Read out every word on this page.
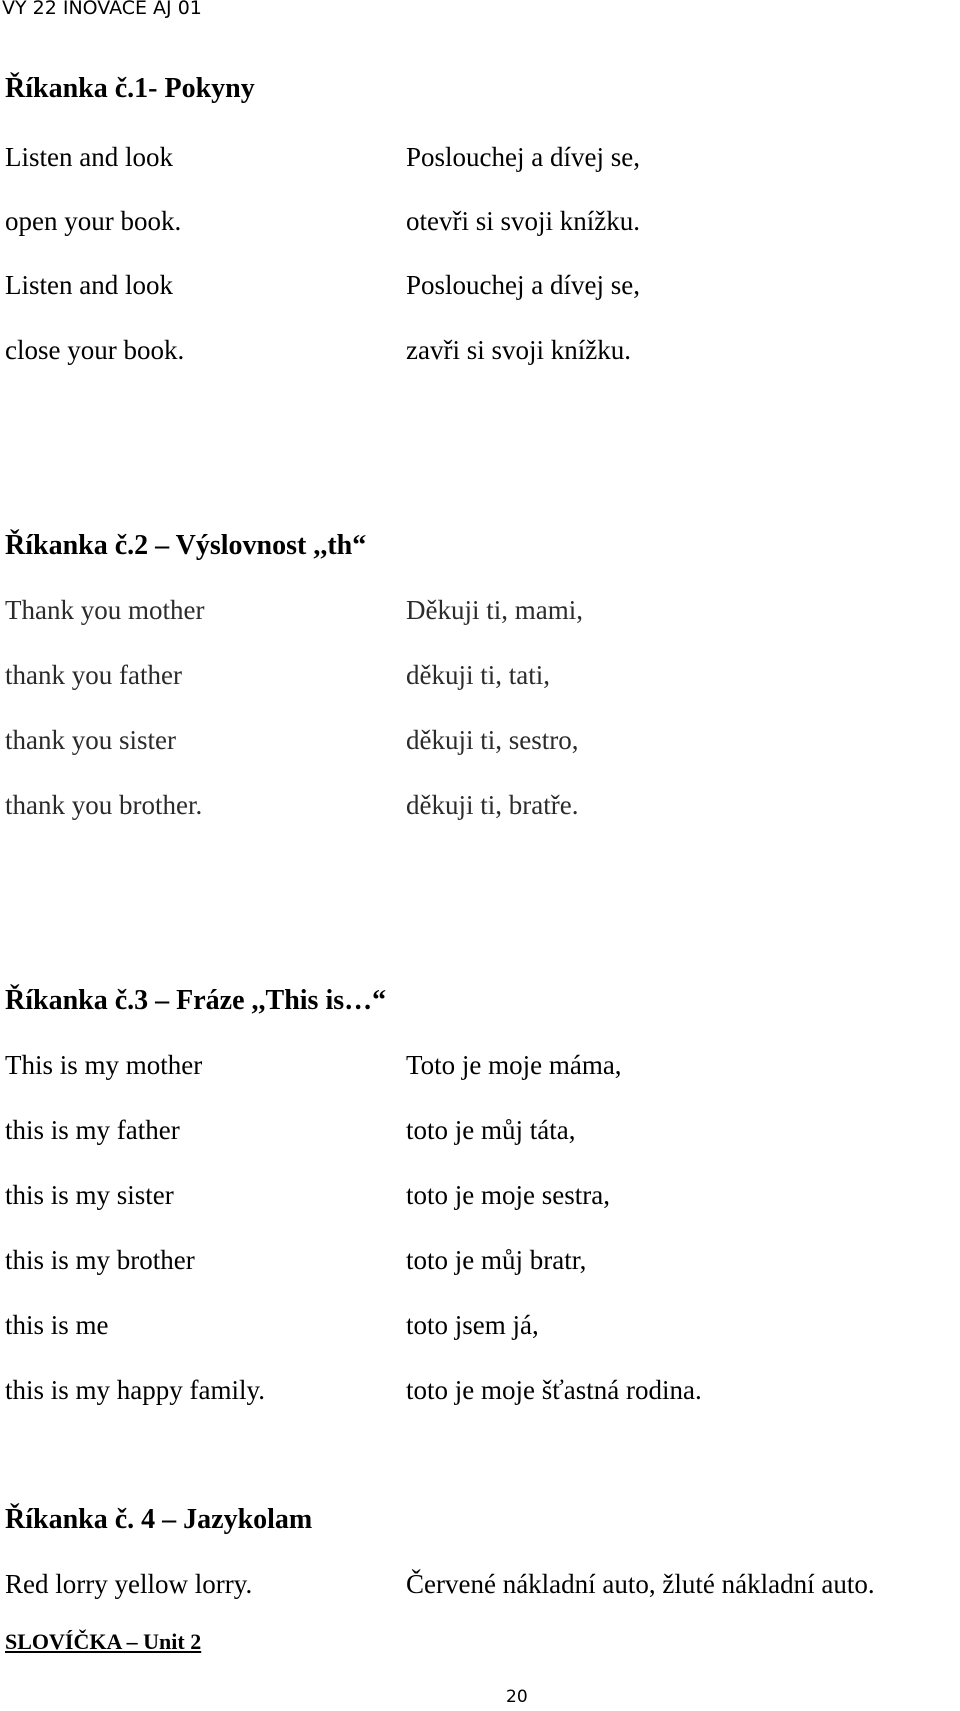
VY 22 INOVACE AJ 01
Říkanka č.1- Pokyny
Listen and look	Poslouchej a dívej se,
open your book.	otevři si svoji knížku.
Listen and look	Poslouchej a dívej se,
close your book.	zavři si svoji knížku.
Říkanka č.2 – Výslovnost ,,th“
Thank you mother	Děkuji ti, mami,
thank you father	děkuji ti, tati,
thank you sister	děkuji ti, sestro,
thank you brother.	děkuji ti, bratře.
Říkanka č.3 – Fráze ,,This is…“
This is my mother	Toto je moje máma,
this is my father	toto je můj táta,
this is my sister	toto je moje sestra,
this is my brother	toto je můj bratr,
this is me	toto jsem já,
this is my happy family.	toto je moje šťastná rodina.
Říkanka č. 4 – Jazykolam
Red lorry yellow lorry.	Červené nákladní auto, žluté nákladní auto.
SLOVÍČKA – Unit 2
20
